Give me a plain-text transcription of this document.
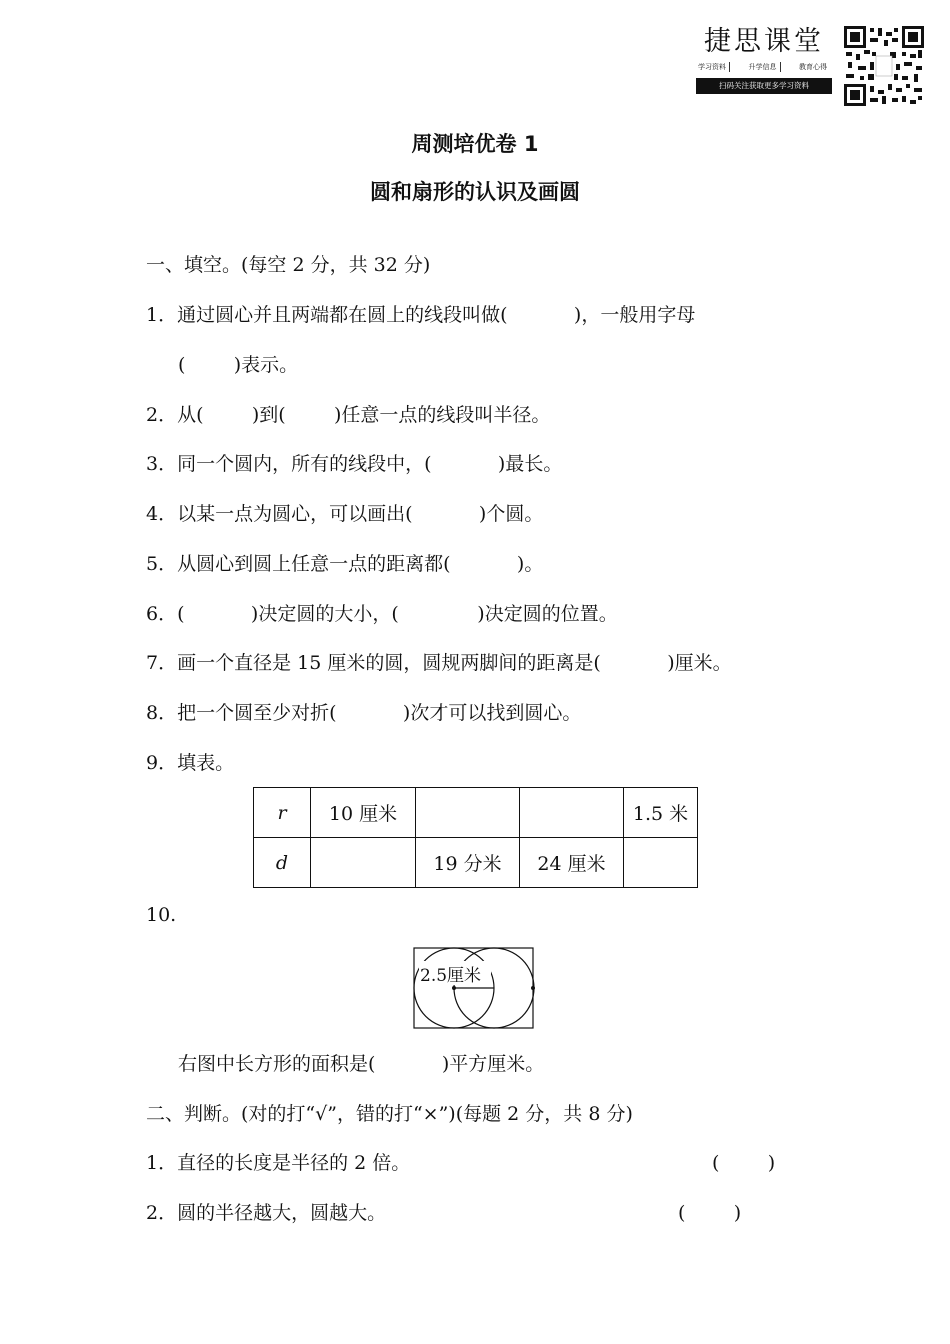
捷思课堂
学习资料	升学信息	教育心得
扫码关注获取更多学习资料
周测培优卷 1
圆和扇形的认识及画圆
一、填空。(每空 2 分，共 32 分)
1．通过圆心并且两端都在圆上的线段叫做(           )，一般用字母
(        )表示。
2．从(        )到(        )任意一点的线段叫半径。
3．同一个圆内，所有的线段中，(           )最长。
4．以某一点为圆心，可以画出(           )个圆。
5．从圆心到圆上任意一点的距离都(           )。
6．(           )决定圆的大小，(             )决定圆的位置。
7．画一个直径是 15 厘米的圆，圆规两脚间的距离是(           )厘米。
8．把一个圆至少对折(           )次才可以找到圆心。
9．填表。
r	10 厘米			1.5 米
d		19 分米	24 厘米	
10.
2.5厘米
右图中长方形的面积是(           )平方厘米。
二、判断。(对的打“√”，错的打“×”)(每题 2 分，共 8 分)
1．直径的长度是半径的 2 倍。	(        )
2．圆的半径越大，圆越大。	(        )
